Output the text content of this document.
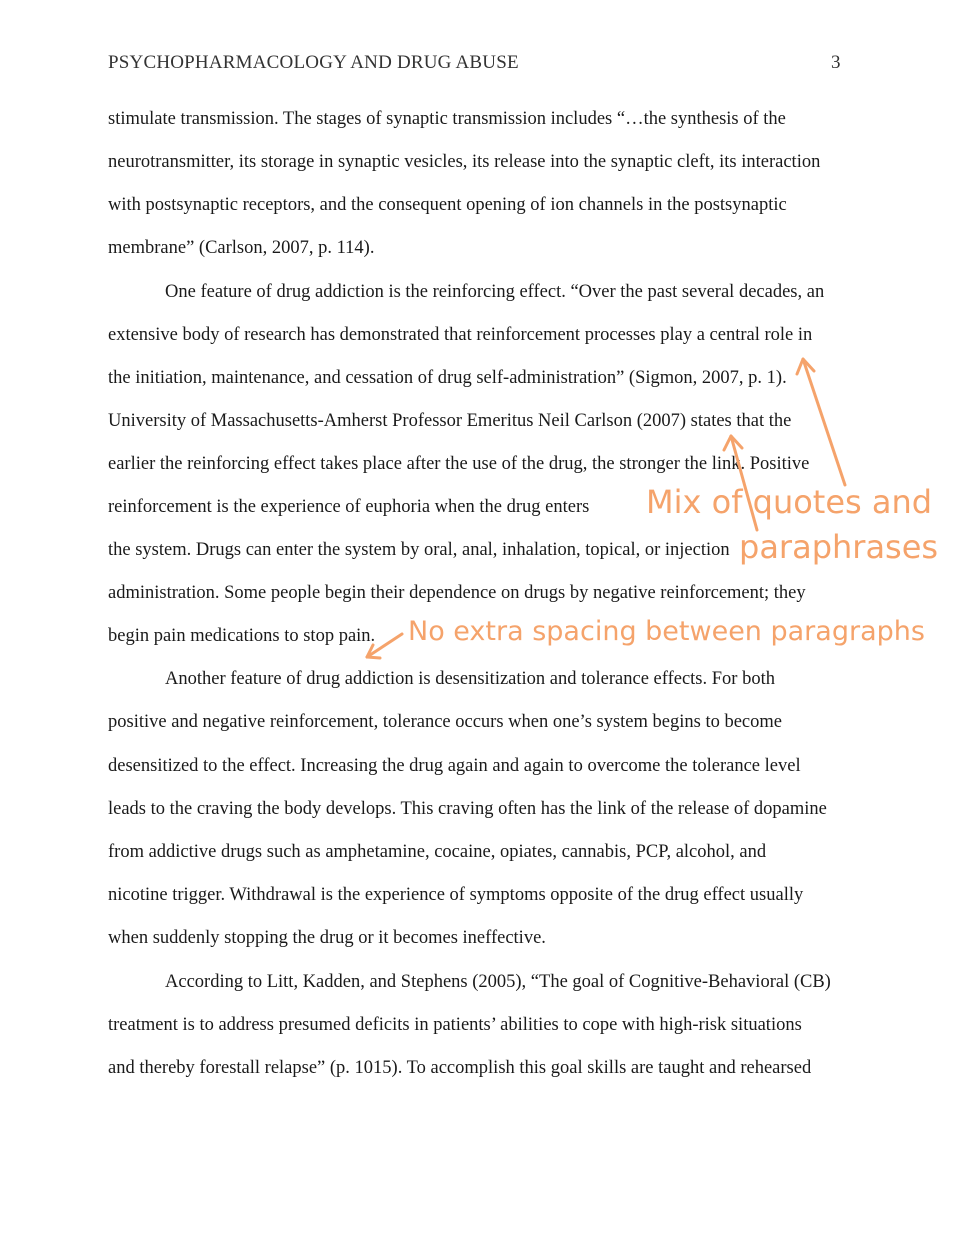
PSYCHOPHARMACOLOGY AND DRUG ABUSE	3
stimulate transmission. The stages of synaptic transmission includes “…the synthesis of the
neurotransmitter, its storage in synaptic vesicles, its release into the synaptic cleft, its interaction
with postsynaptic receptors, and the consequent opening of ion channels in the postsynaptic
membrane” (Carlson, 2007, p. 114).
One feature of drug addiction is the reinforcing effect. “Over the past several decades, an
extensive body of research has demonstrated that reinforcement processes play a central role in
the initiation, maintenance, and cessation of drug self-administration” (Sigmon, 2007, p. 1).
University of Massachusetts-Amherst Professor Emeritus Neil Carlson (2007) states that the
earlier the reinforcing effect takes place after the use of the drug, the stronger the link. Positive
reinforcement is the experience of euphoria when the drug enters
the system. Drugs can enter the system by oral, anal, inhalation, topical, or injection
administration. Some people begin their dependence on drugs by negative reinforcement; they
begin pain medications to stop pain.
Another feature of drug addiction is desensitization and tolerance effects. For both
positive and negative reinforcement, tolerance occurs when one’s system begins to become
desensitized to the effect. Increasing the drug again and again to overcome the tolerance level
leads to the craving the body develops. This craving often has the link of the release of dopamine
from addictive drugs such as amphetamine, cocaine, opiates, cannabis, PCP, alcohol, and
nicotine trigger. Withdrawal is the experience of symptoms opposite of the drug effect usually
when suddenly stopping the drug or it becomes ineffective.
According to Litt, Kadden, and Stephens (2005), “The goal of Cognitive-Behavioral (CB)
treatment is to address presumed deficits in patients’ abilities to cope with high-risk situations
and thereby forestall relapse” (p. 1015). To accomplish this goal skills are taught and rehearsed
Mix of quotes and
paraphrases
No extra spacing between paragraphs
